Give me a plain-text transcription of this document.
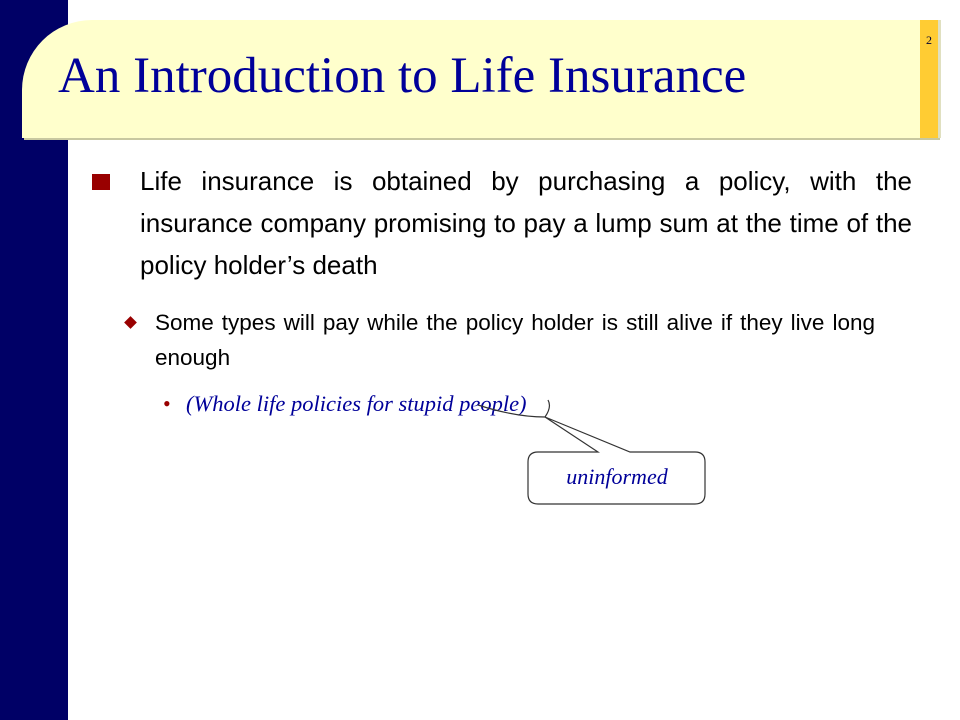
2
An Introduction to Life Insurance

Life insurance is obtained by purchasing a policy, with the insurance company promising to pay a lump sum at the time of the policy holder’s death

Some types will pay while the policy holder is still alive if they live long enough

• (Whole life policies for stupid people)

uninformed
